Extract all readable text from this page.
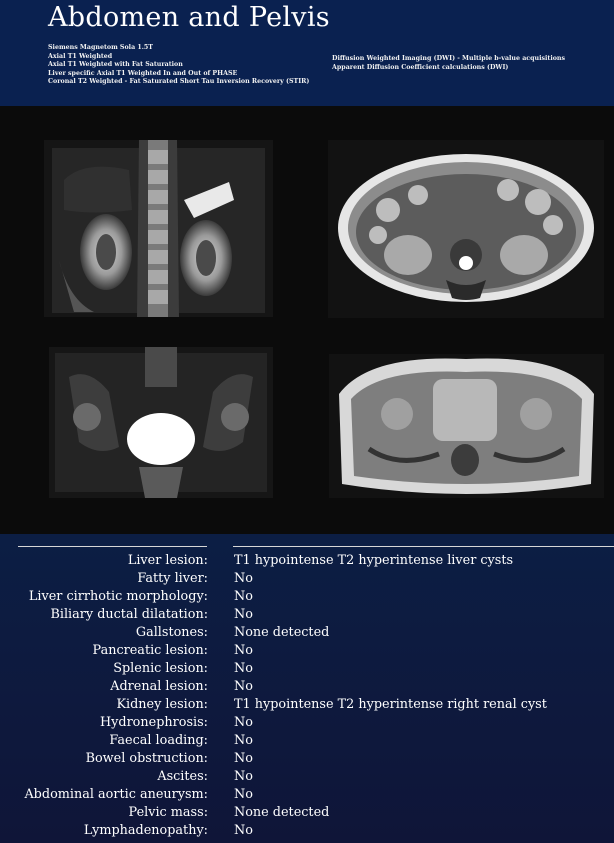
Abdomen and Pelvis
Siemens Magnetom Sola 1.5T
Axial T1 Weighted
Axial T1 Weighted with Fat Saturation
Liver specific Axial T1 Weighted In and Out of PHASE
Coronal T2 Weighted - Fat Saturated Short Tau Inversion Recovery (STIR)
Diffusion Weighted Imaging (DWI) - Multiple b-value acquisitions
Apparent Diffusion Coefficient calculations (DWI)
Liver lesion: T1 hypointense T2 hyperintense liver cysts
Fatty liver: No
Liver cirrhotic morphology: No
Biliary ductal dilatation: No
Gallstones: None detected
Pancreatic lesion: No
Splenic lesion: No
Adrenal lesion: No
Kidney lesion: T1 hypointense T2 hyperintense right renal cyst
Hydronephrosis: No
Faecal loading: No
Bowel obstruction: No
Ascites: No
Abdominal aortic aneurysm: No
Pelvic mass: None detected
Lymphadenopathy: No
